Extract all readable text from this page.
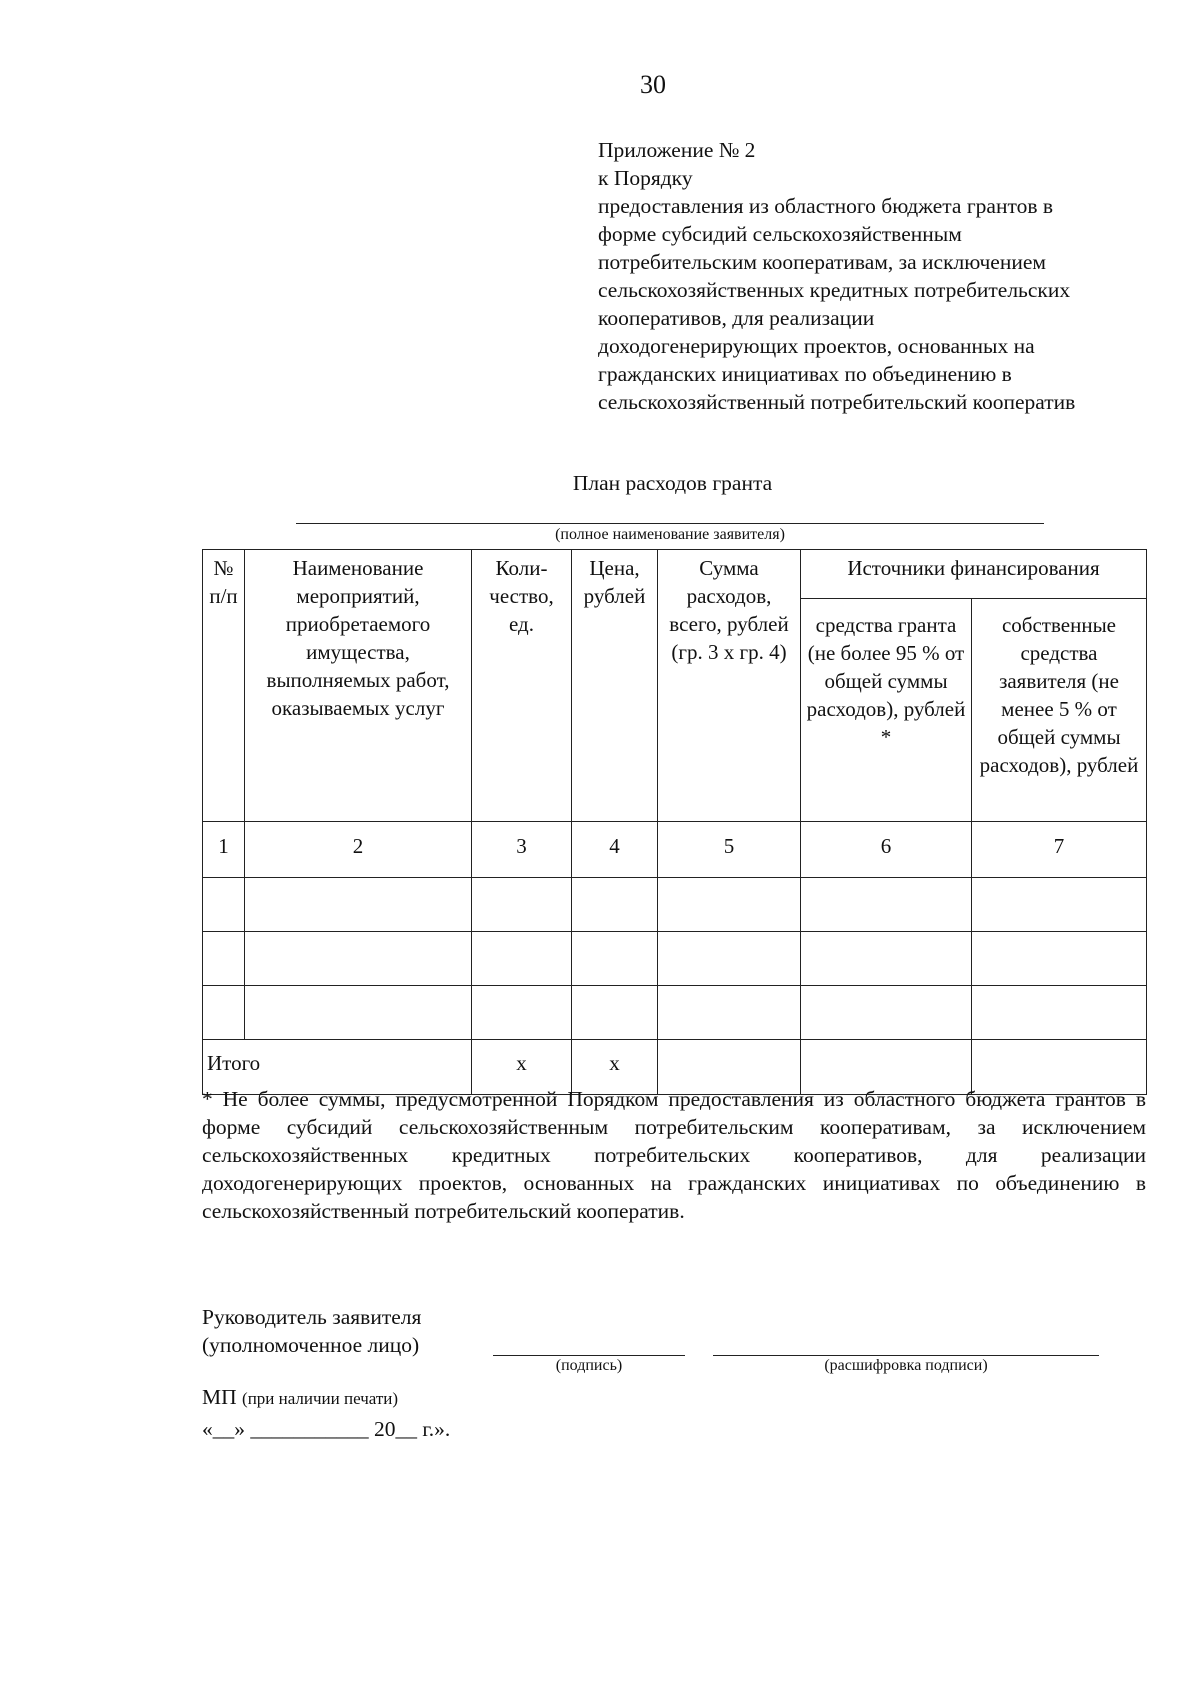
30
Приложение № 2
к Порядку
предоставления из областного бюджета грантов в
форме субсидий сельскохозяйственным
потребительским кооперативам, за исключением
сельскохозяйственных кредитных потребительских
кооперативов, для реализации
доходогенерирующих проектов, основанных на
гражданских инициативах по объединению в
сельскохозяйственный потребительский кооператив
План расходов гранта
(полное наименование заявителя)
№ п/п	Наименование мероприятий, приобретаемого имущества, выполняемых работ, оказываемых услуг	Коли-чество, ед.	Цена, рублей	Сумма расходов, всего, рублей (гр. 3 х гр. 4)	Источники финансирования	
					средства гранта (не более 95 % от общей суммы расходов), рублей *	собственные средства заявителя (не менее 5 % от общей суммы расходов), рублей
1	2	3	4	5	6	7

Итого		х	х			
* Не более суммы, предусмотренной Порядком предоставления из областного бюджета грантов в форме субсидий сельскохозяйственным потребительским кооперативам, за исключением сельскохозяйственных кредитных потребительских кооперативов, для реализации доходогенерирующих проектов, основанных на гражданских инициативах по объединению в сельскохозяйственный потребительский кооператив.
Руководитель заявителя
(уполномоченное лицо)
(подпись)	(расшифровка подписи)
МП (при наличии печати)
«__» ___________ 20__ г.».
